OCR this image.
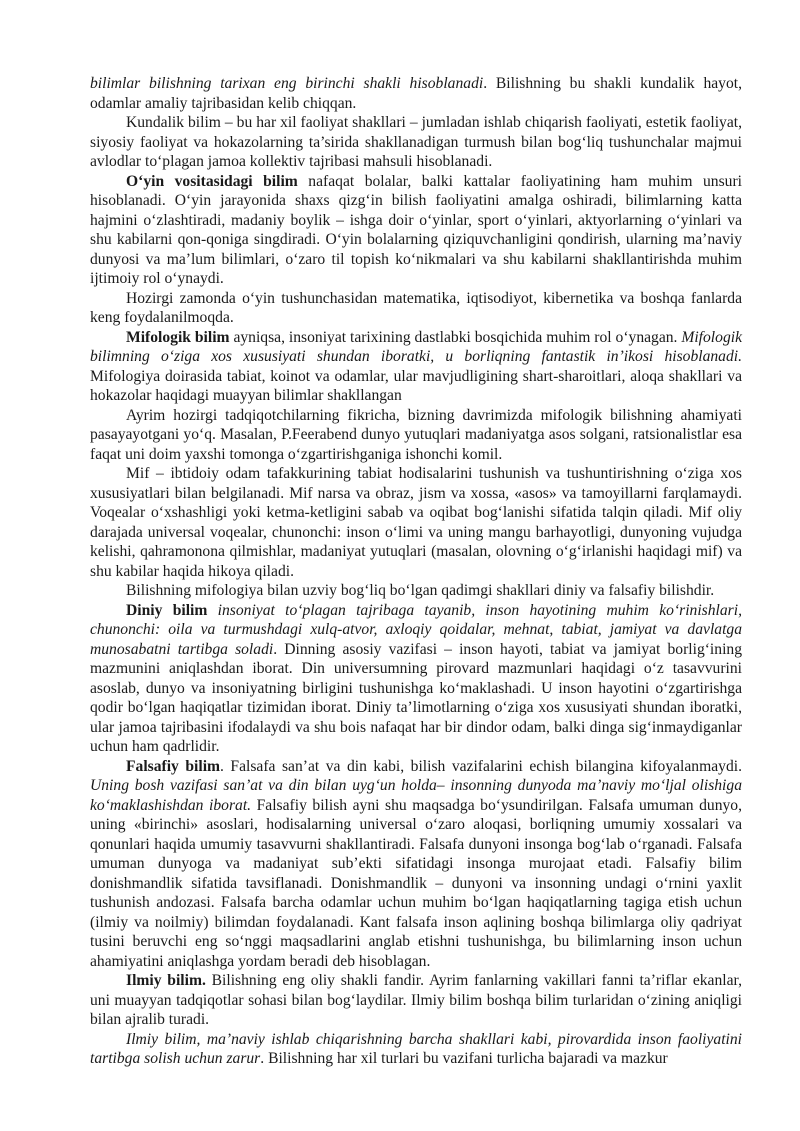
bilimlar bilishning tarixan eng birinchi shakli hisoblanadi. Bilishning bu shakli kundalik hayot, odamlar amaliy tajribasidan kelib chiqqan.

Kundalik bilim – bu har xil faoliyat shakllari – jumladan ishlab chiqarish faoliyati, estetik faoliyat, siyosiy faoliyat va hokazolarning ta’sirida shakllanadigan turmush bilan bog‘liq tushunchalar majmui avlodlar to‘plagan jamoa kollektiv tajribasi mahsuli hisoblanadi.

O‘yin vositasidagi bilim nafaqat bolalar, balki kattalar faoliyatining ham muhim unsuri hisoblanadi. O‘yin jarayonida shaxs qizg‘in bilish faoliyatini amalga oshiradi, bilimlarning katta hajmini o‘zlashtiradi, madaniy boylik – ishga doir o‘yinlar, sport o‘yinlari, aktyorlarning o‘yinlari va shu kabilarni qon-qoniga singdiradi. O‘yin bolalarning qiziquvchanligini qondirish, ularning ma’naviy dunyosi va ma’lum bilimlari, o‘zaro til topish ko‘nikmalari va shu kabilarni shakllantirishda muhim ijtimoiy rol o‘ynaydi.

Hozirgi zamonda o‘yin tushunchasidan matematika, iqtisodiyot, kibernetika va boshqa fanlarda keng foydalanilmoqda.

Mifologik bilim ayniqsa, insoniyat tarixining dastlabki bosqichida muhim rol o‘ynagan. Mifologik bilimning o‘ziga xos xususiyati shundan iboratki, u borliqning fantastik in’ikosi hisoblanadi. Mifologiya doirasida tabiat, koinot va odamlar, ular mavjudligining shart-sharoitlari, aloqa shakllari va hokazolar haqidagi muayyan bilimlar shakllangan

Ayrim hozirgi tadqiqotchilarning fikricha, bizning davrimizda mifologik bilishning ahamiyati pasayayotgani yo‘q. Masalan, P.Feerabend dunyo yutuqlari madaniyatga asos solgani, ratsionalistlar esa faqat uni doim yaxshi tomonga o‘zgartirishganiga ishonchi komil.

Mif – ibtidoiy odam tafakkurining tabiat hodisalarini tushunish va tushuntirishning o‘ziga xos xususiyatlari bilan belgilanadi. Mif narsa va obraz, jism va xossa, «asos» va tamoyillarni farqlamaydi. Voqealar o‘xshashligi yoki ketma-ketligini sabab va oqibat bog‘lanishi sifatida talqin qiladi. Mif oliy darajada universal voqealar, chunonchi: inson o‘limi va uning mangu barhayotligi, dunyoning vujudga kelishi, qahramonona qilmishlar, madaniyat yutuqlari (masalan, olovning o‘g‘irlanishi haqidagi mif) va shu kabilar haqida hikoya qiladi.

Bilishning mifologiya bilan uzviy bog‘liq bo‘lgan qadimgi shakllari diniy va falsafiy bilishdir.

Diniy bilim insoniyat to‘plagan tajribaga tayanib, inson hayotining muhim ko‘rinishlari, chunonchi: oila va turmushdagi xulq-atvor, axloqiy qoidalar, mehnat, tabiat, jamiyat va davlatga munosabatni tartibga soladi. Dinning asosiy vazifasi – inson hayoti, tabiat va jamiyat borlig‘ining mazmunini aniqlashdan iborat. Din universumning pirovard mazmunlari haqidagi o‘z tasavvurini asoslab, dunyo va insoniyatning birligini tushunishga ko‘maklashadi. U inson hayotini o‘zgartirishga qodir bo‘lgan haqiqatlar tizimidan iborat. Diniy ta’limotlarning o‘ziga xos xususiyati shundan iboratki, ular jamoa tajribasini ifodalaydi va shu bois nafaqat har bir dindor odam, balki dinga sig‘inmaydiganlar uchun ham qadrlidir.

Falsafiy bilim. Falsafa san’at va din kabi, bilish vazifalarini echish bilangina kifoyalanmaydi. Uning bosh vazifasi san’at va din bilan uyg‘un holda– insonning dunyoda ma’naviy mo‘ljal olishiga ko‘maklashishdan iborat. Falsafiy bilish ayni shu maqsadga bo‘ysundirilgan. Falsafa umuman dunyo, uning «birinchi» asoslari, hodisalarning universal o‘zaro aloqasi, borliqning umumiy xossalari va qonunlari haqida umumiy tasavvurni shakllantiradi. Falsafa dunyoni insonga bog‘lab o‘rganadi. Falsafa umuman dunyoga va madaniyat sub’ekti sifatidagi insonga murojaat etadi. Falsafiy bilim donishmandlik sifatida tavsiflanadi. Donishmandlik – dunyoni va insonning undagi o‘rnini yaxlit tushunish andozasi. Falsafa barcha odamlar uchun muhim bo‘lgan haqiqatlarning tagiga etish uchun (ilmiy va noilmiy) bilimdan foydalanadi. Kant falsafa inson aqlining boshqa bilimlarga oliy qadriyat tusini beruvchi eng so‘nggi maqsadlarini anglab etishni tushunishga, bu bilimlarning inson uchun ahamiyatini aniqlashga yordam beradi deb hisoblagan.

Ilmiy bilim. Bilishning eng oliy shakli fandir. Ayrim fanlarning vakillari fanni ta’riflar ekanlar, uni muayyan tadqiqotlar sohasi bilan bog‘laydilar. Ilmiy bilim boshqa bilim turlaridan o‘zining aniqligi bilan ajralib turadi.

Ilmiy bilim, ma’naviy ishlab chiqarishning barcha shakllari kabi, pirovardida inson faoliyatini tartibga solish uchun zarur. Bilishning har xil turlari bu vazifani turlicha bajaradi va mazkur
